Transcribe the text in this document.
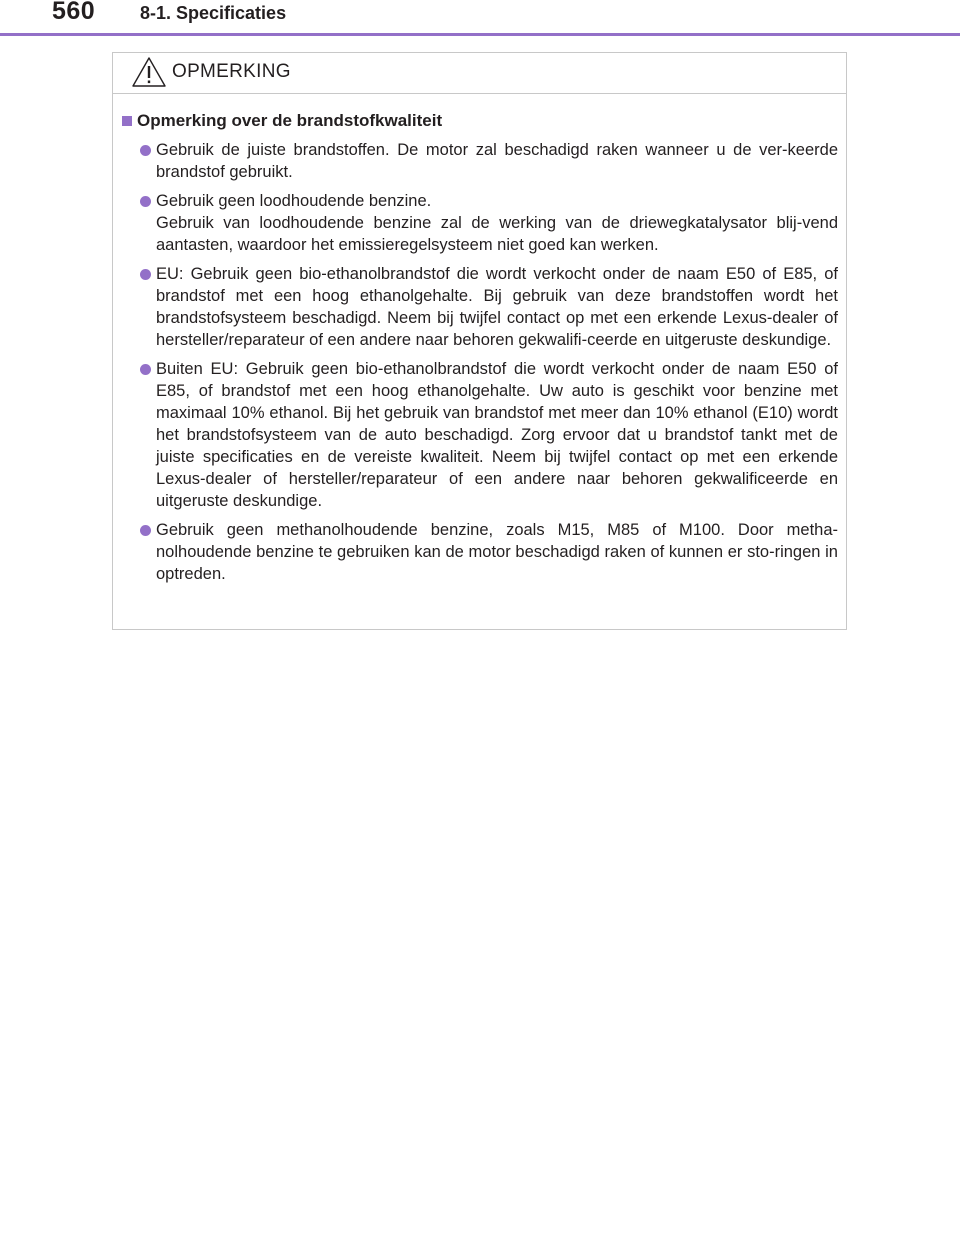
560 8-1. Specificaties
OPMERKING
Opmerking over de brandstofkwaliteit
Gebruik de juiste brandstoffen. De motor zal beschadigd raken wanneer u de ver-keerde brandstof gebruikt.
Gebruik geen loodhoudende benzine.
Gebruik van loodhoudende benzine zal de werking van de driewegkatalysator blij-vend aantasten, waardoor het emissieregelsysteem niet goed kan werken.
EU: Gebruik geen bio-ethanolbrandstof die wordt verkocht onder de naam E50 of E85, of brandstof met een hoog ethanolgehalte. Bij gebruik van deze brandstoffen wordt het brandstofsysteem beschadigd. Neem bij twijfel contact op met een erkende Lexus-dealer of hersteller/reparateur of een andere naar behoren gekwalifi-ceerde en uitgeruste deskundige.
Buiten EU: Gebruik geen bio-ethanolbrandstof die wordt verkocht onder de naam E50 of E85, of brandstof met een hoog ethanolgehalte. Uw auto is geschikt voor benzine met maximaal 10% ethanol. Bij het gebruik van brandstof met meer dan 10% ethanol (E10) wordt het brandstofsysteem van de auto beschadigd. Zorg ervoor dat u brandstof tankt met de juiste specificaties en de vereiste kwaliteit. Neem bij twijfel contact op met een erkende Lexus-dealer of hersteller/reparateur of een andere naar behoren gekwalificeerde en uitgeruste deskundige.
Gebruik geen methanolhoudende benzine, zoals M15, M85 of M100. Door metha-nolhoudende benzine te gebruiken kan de motor beschadigd raken of kunnen er sto-ringen in optreden.
